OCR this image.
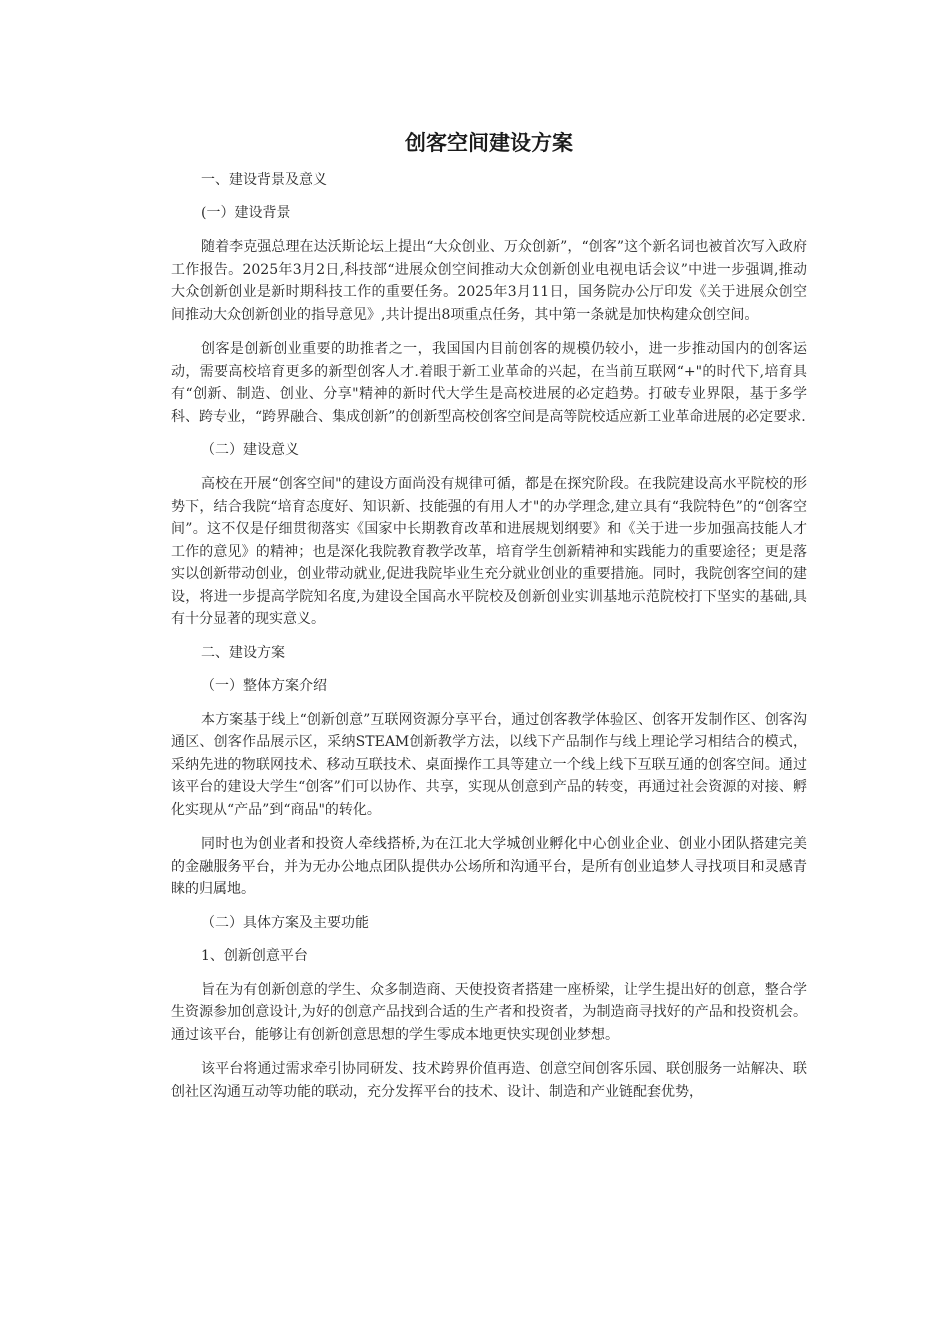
创客空间建设方案
一、建设背景及意义
(一）建设背景
随着李克强总理在达沃斯论坛上提出“大众创业、万众创新”，“创客”这个新名词也被首次写入政府工作报告。2025年3月2日,科技部“进展众创空间推动大众创新创业电视电话会议”中进一步强调,推动大众创新创业是新时期科技工作的重要任务。2025年3月11日，国务院办公厅印发《关于进展众创空间推动大众创新创业的指导意见》,共计提出8项重点任务，其中第一条就是加快构建众创空间。
创客是创新创业重要的助推者之一，我国国内目前创客的规模仍较小，进一步推动国内的创客运动，需要高校培育更多的新型创客人才.着眼于新工业革命的兴起，在当前互联网“+"的时代下,培育具有“创新、制造、创业、分享"精神的新时代大学生是高校进展的必定趋势。打破专业界限，基于多学科、跨专业，“跨界融合、集成创新”的创新型高校创客空间是高等院校适应新工业革命进展的必定要求.
（二）建设意义
高校在开展“创客空间"的建设方面尚没有规律可循，都是在探究阶段。在我院建设高水平院校的形势下，结合我院“培育态度好、知识新、技能强的有用人才"的办学理念,建立具有“我院特色”的“创客空间”。这不仅是仔细贯彻落实《国家中长期教育改革和进展规划纲要》和《关于进一步加强高技能人才工作的意见》的精神；也是深化我院教育教学改革，培育学生创新精神和实践能力的重要途径；更是落实以创新带动创业，创业带动就业,促进我院毕业生充分就业创业的重要措施。同时，我院创客空间的建设，将进一步提高学院知名度,为建设全国高水平院校及创新创业实训基地示范院校打下坚实的基础,具有十分显著的现实意义。
二、建设方案
（一）整体方案介绍
本方案基于线上“创新创意”互联网资源分享平台，通过创客教学体验区、创客开发制作区、创客沟通区、创客作品展示区，采纳STEAM创新教学方法，以线下产品制作与线上理论学习相结合的模式，采纳先进的物联网技术、移动互联技术、桌面操作工具等建立一个线上线下互联互通的创客空间。通过该平台的建设大学生“创客”们可以协作、共享，实现从创意到产品的转变，再通过社会资源的对接、孵化实现从“产品”到“商品"的转化。
同时也为创业者和投资人牵线搭桥,为在江北大学城创业孵化中心创业企业、创业小团队搭建完美的金融服务平台，并为无办公地点团队提供办公场所和沟通平台，是所有创业追梦人寻找项目和灵感青睐的归属地。
（二）具体方案及主要功能
1、创新创意平台
旨在为有创新创意的学生、众多制造商、天使投资者搭建一座桥梁，让学生提出好的创意，整合学生资源参加创意设计,为好的创意产品找到合适的生产者和投资者，为制造商寻找好的产品和投资机会。通过该平台，能够让有创新创意思想的学生零成本地更快实现创业梦想。
该平台将通过需求牵引协同研发、技术跨界价值再造、创意空间创客乐园、联创服务一站解决、联创社区沟通互动等功能的联动，充分发挥平台的技术、设计、制造和产业链配套优势，
